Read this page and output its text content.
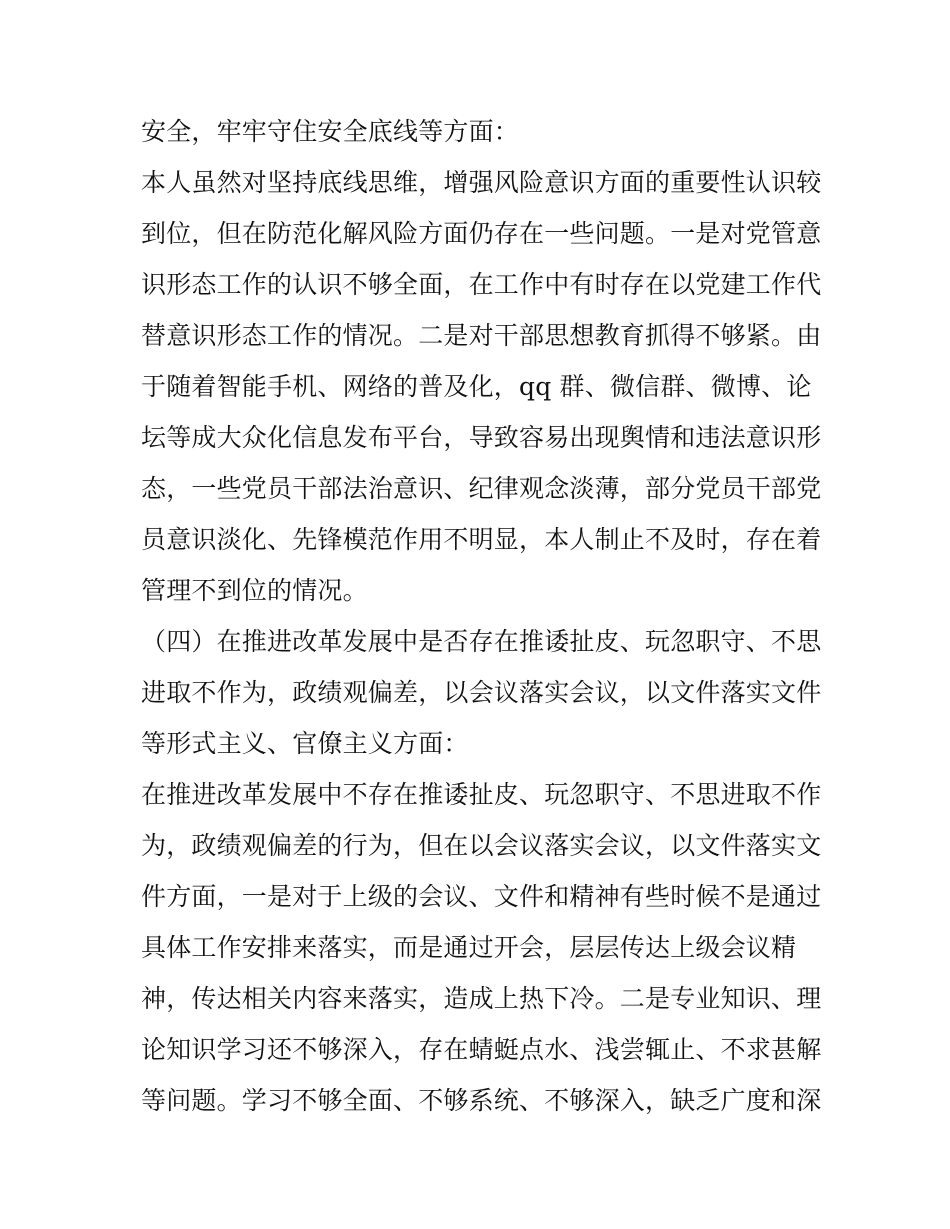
安全，牢牢守住安全底线等方面：
本人虽然对坚持底线思维，增强风险意识方面的重要性认识较
到位，但在防范化解风险方面仍存在一些问题。一是对党管意
识形态工作的认识不够全面，在工作中有时存在以党建工作代
替意识形态工作的情况。二是对干部思想教育抓得不够紧。由
于随着智能手机、网络的普及化，qq 群、微信群、微博、论
坛等成大众化信息发布平台，导致容易出现舆情和违法意识形
态，一些党员干部法治意识、纪律观念淡薄，部分党员干部党
员意识淡化、先锋模范作用不明显，本人制止不及时，存在着
管理不到位的情况。
（四）在推进改革发展中是否存在推诿扯皮、玩忽职守、不思
进取不作为，政绩观偏差，以会议落实会议，以文件落实文件
等形式主义、官僚主义方面：
在推进改革发展中不存在推诿扯皮、玩忽职守、不思进取不作
为，政绩观偏差的行为，但在以会议落实会议，以文件落实文
件方面，一是对于上级的会议、文件和精神有些时候不是通过
具体工作安排来落实，而是通过开会，层层传达上级会议精
神，传达相关内容来落实，造成上热下冷。二是专业知识、理
论知识学习还不够深入，存在蜻蜓点水、浅尝辄止、不求甚解
等问题。学习不够全面、不够系统、不够深入，缺乏广度和深
